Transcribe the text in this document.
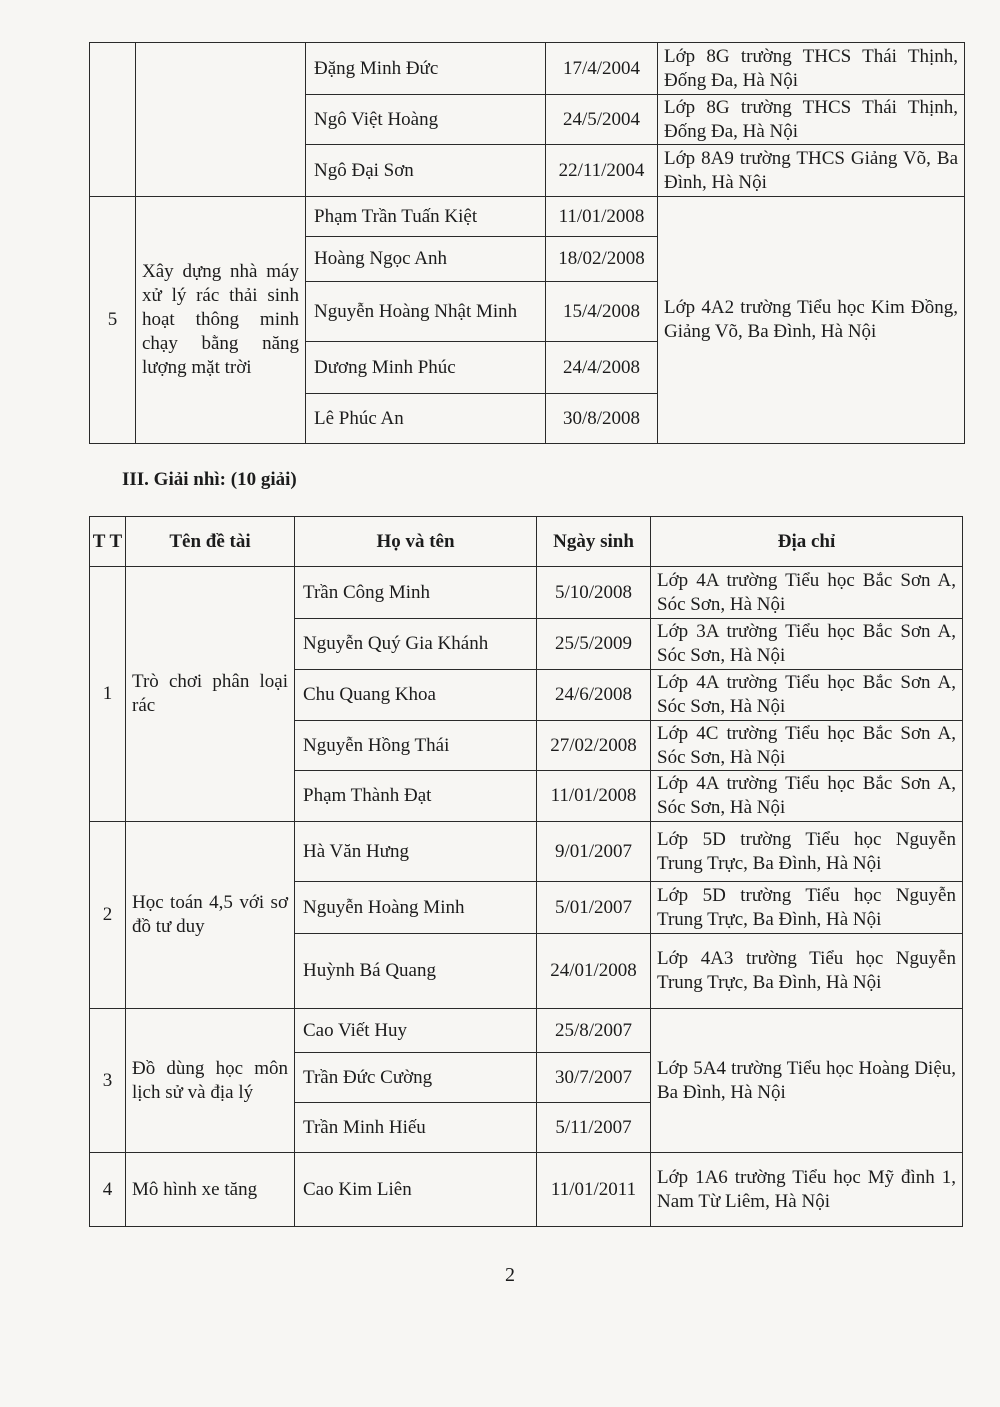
		Đặng Minh Đức	17/4/2004	Lớp 8G trường THCS Thái Thịnh, Đống Đa, Hà Nội
		Ngô Việt Hoàng	24/5/2004	Lớp 8G trường THCS Thái Thịnh, Đống Đa, Hà Nội
		Ngô Đại Sơn	22/11/2004	Lớp 8A9 trường THCS Giảng Võ, Ba Đình, Hà Nội
5	Xây dựng nhà máy xử lý rác thải sinh hoạt thông minh chạy bằng năng lượng mặt trời	Phạm Trần Tuấn Kiệt	11/01/2008	Lớp 4A2 trường Tiểu học Kim Đồng, Giảng Võ, Ba Đình, Hà Nội
		Hoàng Ngọc Anh	18/02/2008	
		Nguyễn Hoàng Nhật Minh	15/4/2008	
		Dương Minh Phúc	24/4/2008	
		Lê Phúc An	30/8/2008	
III. Giải nhì: (10 giải)
T T	Tên đề tài	Họ và tên	Ngày sinh	Địa chỉ
1	Trò chơi phân loại rác	Trần Công Minh	5/10/2008	Lớp 4A trường Tiểu học Bắc Sơn A, Sóc Sơn, Hà Nội
		Nguyễn Quý Gia Khánh	25/5/2009	Lớp 3A trường Tiểu học Bắc Sơn A, Sóc Sơn, Hà Nội
		Chu Quang Khoa	24/6/2008	Lớp 4A trường Tiểu học Bắc Sơn A, Sóc Sơn, Hà Nội
		Nguyễn Hồng Thái	27/02/2008	Lớp 4C trường Tiểu học Bắc Sơn A, Sóc Sơn, Hà Nội
		Phạm Thành Đạt	11/01/2008	Lớp 4A trường Tiểu học Bắc Sơn A, Sóc Sơn, Hà Nội
2	Học toán 4,5 với sơ đồ tư duy	Hà Văn Hưng	9/01/2007	Lớp 5D trường Tiểu học Nguyễn Trung Trực, Ba Đình, Hà Nội
		Nguyễn Hoàng Minh	5/01/2007	Lớp 5D trường Tiểu học Nguyễn Trung Trực, Ba Đình, Hà Nội
		Huỳnh Bá Quang	24/01/2008	Lớp 4A3 trường Tiểu học Nguyễn Trung Trực, Ba Đình, Hà Nội
3	Đồ dùng học môn lịch sử và địa lý	Cao Viết Huy	25/8/2007	Lớp 5A4 trường Tiểu học Hoàng Diệu, Ba Đình, Hà Nội
		Trần Đức Cường	30/7/2007	
		Trần Minh Hiếu	5/11/2007	
4	Mô hình xe tăng	Cao Kim Liên	11/01/2011	Lớp 1A6 trường Tiểu học Mỹ đình 1, Nam Từ Liêm, Hà Nội
2
